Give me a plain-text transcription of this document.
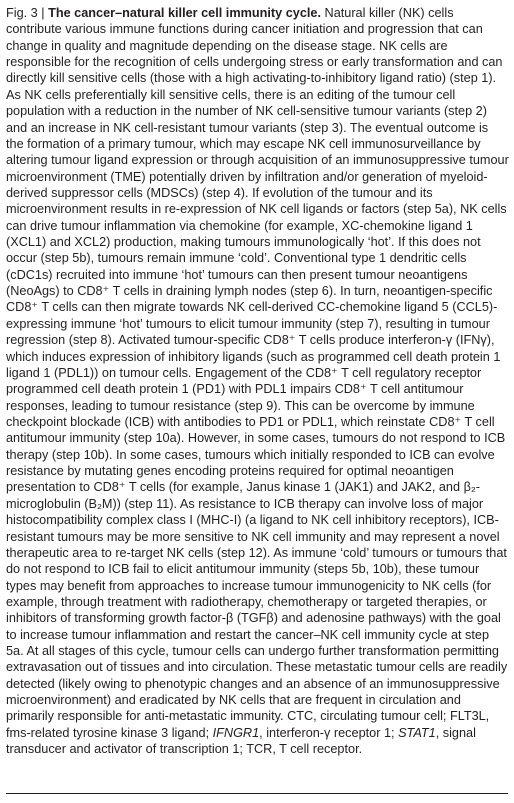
Fig. 3 | The cancer–natural killer cell immunity cycle. Natural killer (NK) cells contribute various immune functions during cancer initiation and progression that can change in quality and magnitude depending on the disease stage. NK cells are responsible for the recognition of cells undergoing stress or early transformation and can directly kill sensitive cells (those with a high activating-to-inhibitory ligand ratio) (step 1). As NK cells preferentially kill sensitive cells, there is an editing of the tumour cell population with a reduction in the number of NK cell-sensitive tumour variants (step 2) and an increase in NK cell-resistant tumour variants (step 3). The eventual outcome is the formation of a primary tumour, which may escape NK cell immunosurveillance by altering tumour ligand expression or through acquisition of an immunosuppressive tumour microenvironment (TME) potentially driven by infiltration and/or generation of myeloid-derived suppressor cells (MDSCs) (step 4). If evolution of the tumour and its microenvironment results in re-expression of NK cell ligands or factors (step 5a), NK cells can drive tumour inflammation via chemokine (for example, XC-chemokine ligand 1 (XCL1) and XCL2) production, making tumours immunologically ‘hot’. If this does not occur (step 5b), tumours remain immune ‘cold’. Conventional type 1 dendritic cells (cDC1s) recruited into immune ‘hot’ tumours can then present tumour neoantigens (NeoAgs) to CD8⁺ T cells in draining lymph nodes (step 6). In turn, neoantigen-specific CD8⁺ T cells can then migrate towards NK cell-derived CC-chemokine ligand 5 (CCL5)-expressing immune ‘hot’ tumours to elicit tumour immunity (step 7), resulting in tumour regression (step 8). Activated tumour-specific CD8⁺ T cells produce interferon-γ (IFNγ), which induces expression of inhibitory ligands (such as programmed cell death protein 1 ligand 1 (PDL1)) on tumour cells. Engagement of the CD8⁺ T cell regulatory receptor programmed cell death protein 1 (PD1) with PDL1 impairs CD8⁺ T cell antitumour responses, leading to tumour resistance (step 9). This can be overcome by immune checkpoint blockade (ICB) with antibodies to PD1 or PDL1, which reinstate CD8⁺ T cell antitumour immunity (step 10a). However, in some cases, tumours do not respond to ICB therapy (step 10b). In some cases, tumours which initially responded to ICB can evolve resistance by mutating genes encoding proteins required for optimal neoantigen presentation to CD8⁺ T cells (for example, Janus kinase 1 (JAK1) and JAK2, and β₂-microglobulin (B₂M)) (step 11). As resistance to ICB therapy can involve loss of major histocompatibility complex class I (MHC-I) (a ligand to NK cell inhibitory receptors), ICB-resistant tumours may be more sensitive to NK cell immunity and may represent a novel therapeutic area to re-target NK cells (step 12). As immune ‘cold’ tumours or tumours that do not respond to ICB fail to elicit antitumour immunity (steps 5b, 10b), these tumour types may benefit from approaches to increase tumour immunogenicity to NK cells (for example, through treatment with radiotherapy, chemotherapy or targeted therapies, or inhibitors of transforming growth factor-β (TGFβ) and adenosine pathways) with the goal to increase tumour inflammation and restart the cancer–NK cell immunity cycle at step 5a. At all stages of this cycle, tumour cells can undergo further transformation permitting extravasation out of tissues and into circulation. These metastatic tumour cells are readily detected (likely owing to phenotypic changes and an absence of an immunosuppressive microenvironment) and eradicated by NK cells that are frequent in circulation and primarily responsible for anti-metastatic immunity. CTC, circulating tumour cell; FLT3L, fms-related tyrosine kinase 3 ligand; IFNGR1, interferon-γ receptor 1; STAT1, signal transducer and activator of transcription 1; TCR, T cell receptor.
